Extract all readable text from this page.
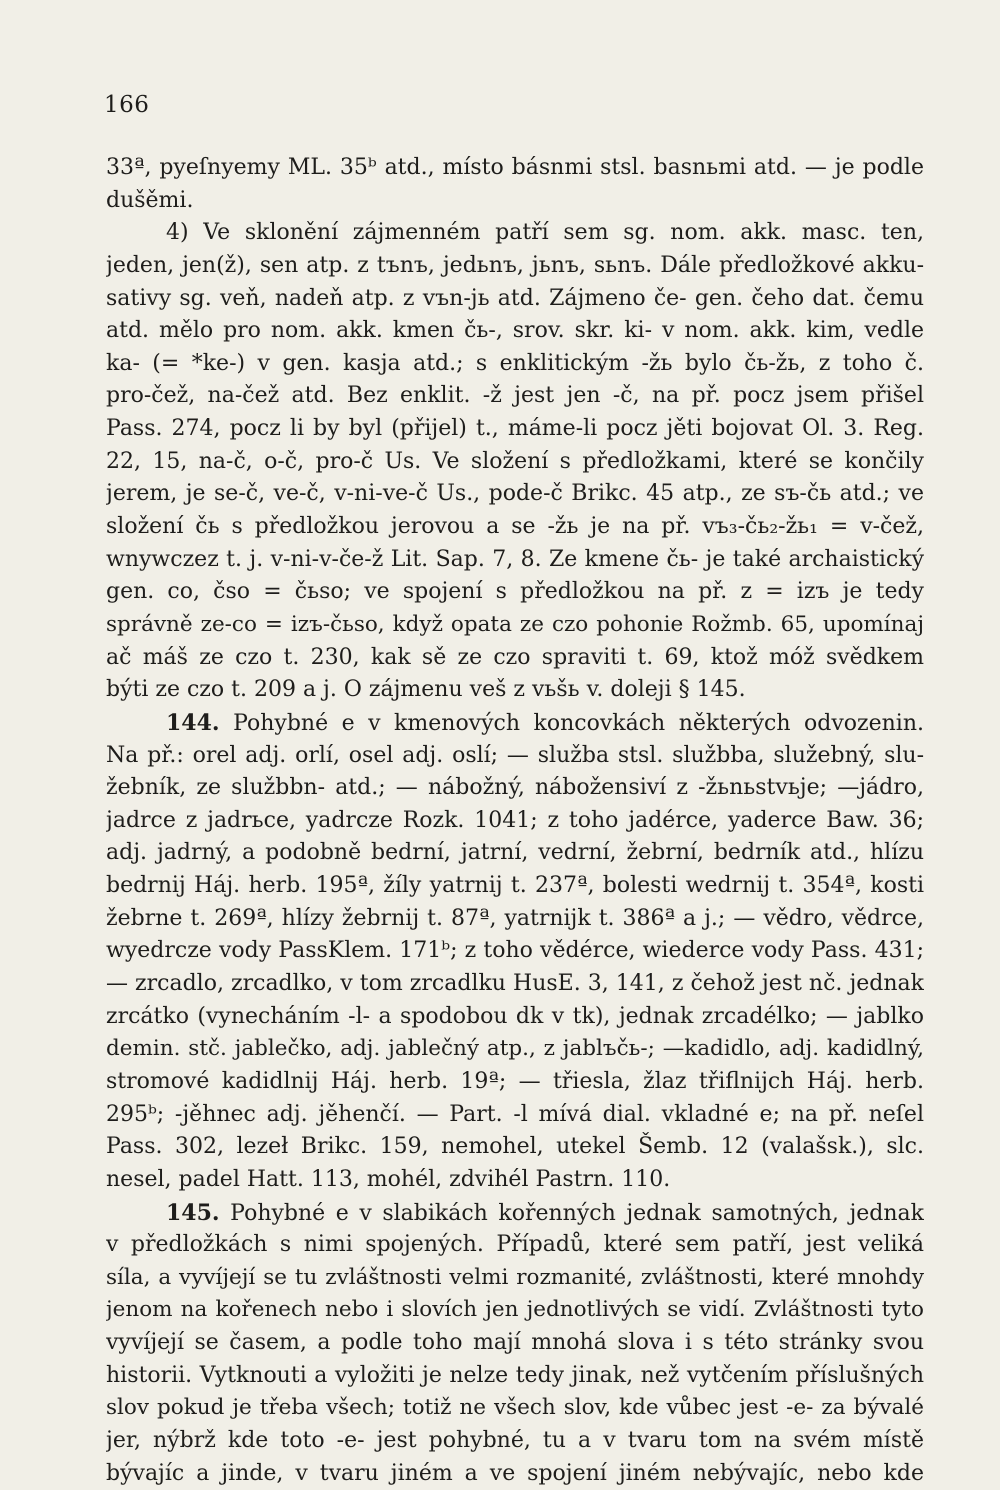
166
33ª, pyeſnyemy ML. 35ᵇ atd., místo básnmi stsl. basnьmi atd. — je podle
dušěmi.
4) Ve sklonění zájmenném patří sem sg. nom. akk. masc. ten,
jeden, jen(ž), sen atp. z tъnъ, jedьnъ, jьnъ, sьnъ. Dále předložkové akku-
sativy sg. veň, nadeň atp. z vъn-jь atd. Zájmeno če- gen. čeho dat. čemu
atd. mělo pro nom. akk. kmen čь-, srov. skr. ki- v nom. akk. kim, vedle
ka- (= *ke-) v gen. kasja atd.; s enklitickým -žь bylo čь-žь, z toho č.
pro-čež, na-čež atd. Bez enklit. -ž jest jen -č, na př. pocz jsem přišel
Pass. 274, pocz li by byl (přijel) t., máme-li pocz jěti bojovat Ol. 3. Reg.
22, 15, na-č, o-č, pro-č Us. Ve složení s předložkami, které se končily
jerem, je se-č, ve-č, v-ni-ve-č Us., pode-č Brikc. 45 atp., ze sъ-čь atd.; ve
složení čь s předložkou jerovou a se -žь je na př. vъ₃-čь₂-žь₁ = v-čež,
wnywczez t. j. v-ni-v-če-ž Lit. Sap. 7, 8. Ze kmene čь- je také archaistický
gen. co, čso = čьso; ve spojení s předložkou na př. z = izъ je tedy
správně ze-co = izъ-čьso, když opata ze czo pohonie Rožmb. 65, upomínaj
ač máš ze czo t. 230, kak sě ze czo spraviti t. 69, ktož móž svědkem
býti ze czo t. 209 a j. O zájmenu veš z vьšь v. doleji § 145.
144. Pohybné e v kmenových koncovkách některých odvozenin.
Na př.: orel adj. orlí, osel adj. oslí; — služba stsl. službba, služebný, slu-
žebník, ze službbn- atd.; — nábožný, nábožensiví z -žьnьstvьje; —jádro,
jadrce z jadrьce, yadrcze Rozk. 1041; z toho jadérce, yaderce Baw. 36;
adj. jadrný, a podobně bedrní, jatrní, vedrní, žebrní, bedrník atd., hlízu
bedrnij Háj. herb. 195ª, žíly yatrnij t. 237ª, bolesti wedrnij t. 354ª, kosti
žebrne t. 269ª, hlízy žebrnij t. 87ª, yatrnijk t. 386ª a j.; — vědro, vědrce,
wyedrcze vody PassKlem. 171ᵇ; z toho vědérce, wiederce vody Pass. 431;
— zrcadlo, zrcadlko, v tom zrcadlku HusE. 3, 141, z čehož jest nč. jednak
zrcátko (vynecháním -l- a spodobou dk v tk), jednak zrcadélko; — jablko
demin. stč. jablečko, adj. jablečný atp., z jablъčь-; —kadidlo, adj. kadidlný,
stromové kadidlnij Háj. herb. 19ª; — třiesla, žlaz třiflnijch Háj. herb.
295ᵇ; -jěhnec adj. jěhenčí. — Part. -l mívá dial. vkladné e; na př. neſel
Pass. 302, lezeł Brikc. 159, nemohel, utekel Šemb. 12 (valašsk.), slc.
nesel, padel Hatt. 113, mohél, zdvihél Pastrn. 110.
145. Pohybné e v slabikách kořenných jednak samotných, jednak
v předložkách s nimi spojených. Případů, které sem patří, jest veliká
síla, a vyvíjejí se tu zvláštnosti velmi rozmanité, zvláštnosti, které mnohdy
jenom na kořenech nebo i slovích jen jednotlivých se vidí. Zvláštnosti tyto
vyvíjejí se časem, a podle toho mají mnohá slova i s této stránky svou
historii. Vytknouti a vyložiti je nelze tedy jinak, než vytčením příslušných
slov pokud je třeba všech; totiž ne všech slov, kde vůbec jest -e- za bývalé
jer, nýbrž kde toto -e- jest pohybné, tu a v tvaru tom na svém místě
bývajíc a jinde, v tvaru jiném a ve spojení jiném nebývajíc, nebo kde
